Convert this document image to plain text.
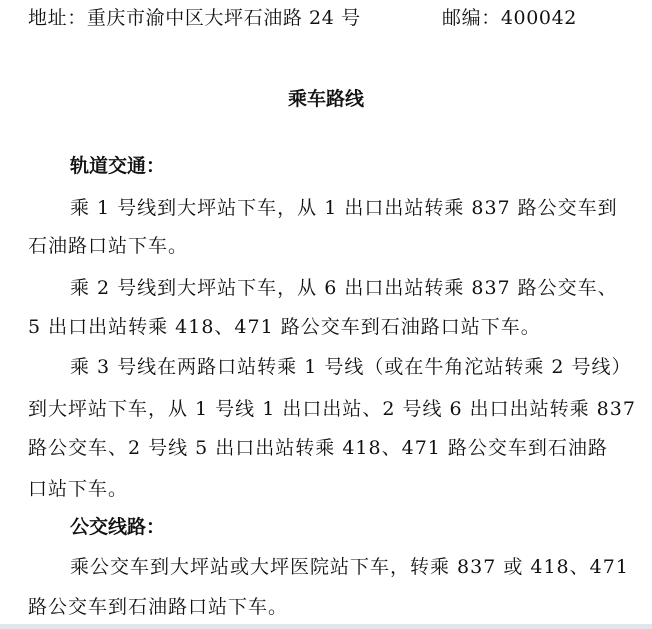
地址：重庆市渝中区大坪石油路 24 号	邮编：400042
乘车路线
轨道交通：
乘 1 号线到大坪站下车，从 1 出口出站转乘 837 路公交车到
石油路口站下车。
乘 2 号线到大坪站下车，从 6 出口出站转乘 837 路公交车、
5 出口出站转乘 418、471 路公交车到石油路口站下车。
乘 3 号线在两路口站转乘 1 号线（或在牛角沱站转乘 2 号线）
到大坪站下车，从 1 号线 1 出口出站、2 号线 6 出口出站转乘 837
路公交车、2 号线 5 出口出站转乘 418、471 路公交车到石油路
口站下车。
公交线路：
乘公交车到大坪站或大坪医院站下车，转乘 837 或 418、471
路公交车到石油路口站下车。
